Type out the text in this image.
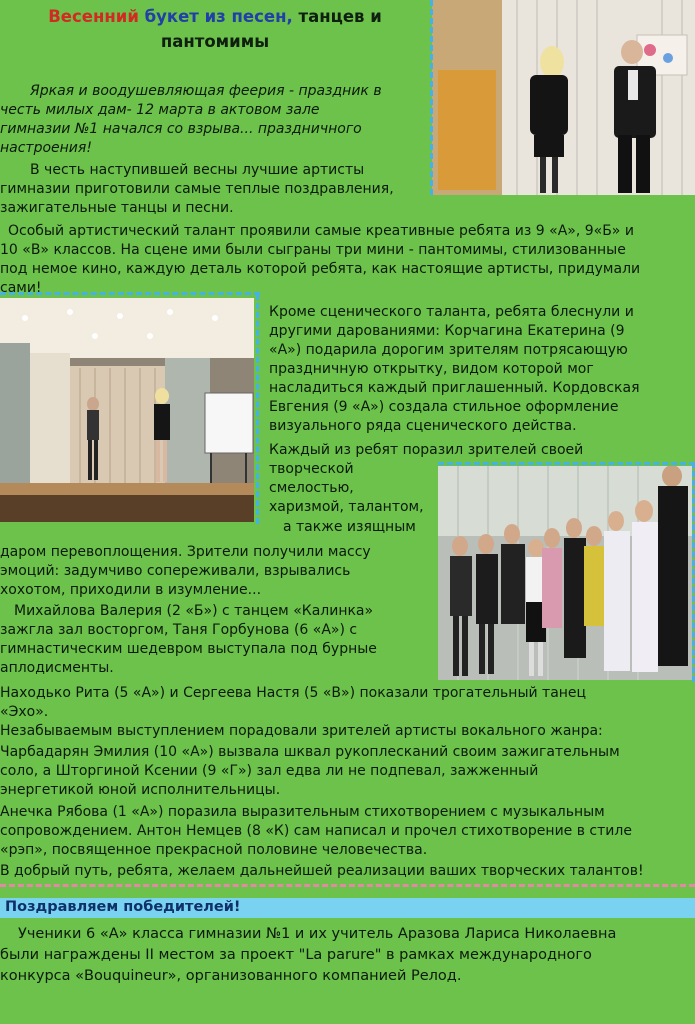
Весенний букет из песен, танцев и
пантомимы
Яркая и воодушевляющая феерия - праздник в
честь милых дам- 12 марта в актовом зале
гимназии №1 начался со взрыва... праздничного
настроения!
В честь наступившей весны лучшие артисты
гимназии приготовили самые теплые поздравления,
зажигательные танцы и песни.
Особый артистический талант проявили самые креативные ребята из 9 «А», 9«Б» и
10 «В» классов. На сцене ими были сыграны три мини - пантомимы, стилизованные
под немое кино, каждую деталь которой ребята, как настоящие артисты, придумали
сами!
Кроме сценического таланта, ребята блеснули и
другими дарованиями: Корчагина Екатерина (9
«А») подарила дорогим зрителям потрясающую
праздничную открытку, видом которой мог
насладиться каждый приглашенный. Кордовская
Евгения (9 «А») создала стильное оформление
визуального ряда сценического действа.
Каждый из ребят поразил зрителей своей
творческой
смелостью,
харизмой, талантом,
а также изящным
даром перевоплощения. Зрители получили массу
эмоций: задумчиво сопереживали, взрывались
хохотом, приходили в изумление...
Михайлова Валерия (2 «Б») с танцем «Калинка»
зажгла зал восторгом, Таня Горбунова (6 «А») с
гимнастическим шедевром выступала под бурные
аплодисменты.
Находько Рита (5 «А») и Сергеева Настя (5 «В») показали трогательный танец
«Эхо».
Незабываемым выступлением порадовали зрителей артисты вокального жанра:
Чарбадарян Эмилия (10 «А») вызвала шквал рукоплесканий своим зажигательным
соло, а Шторгиной Ксении (9 «Г») зал едва ли не подпевал, зажженный
энергетикой юной исполнительницы.
Анечка Рябова (1 «А») поразила выразительным стихотворением с музыкальным
сопровождением. Антон Немцев (8 «К) сам написал и прочел стихотворение в стиле
«рэп», посвященное прекрасной половине человечества.
В добрый путь, ребята, желаем дальнейшей реализации ваших творческих талантов!
Поздравляем победителей!
Ученики 6 «А» класса гимназии №1 и их учитель Аразова Лариса Николаевна
были награждены II местом за проект "La parure" в рамках международного
конкурса «Bouquineur», организованного компанией Релод.
